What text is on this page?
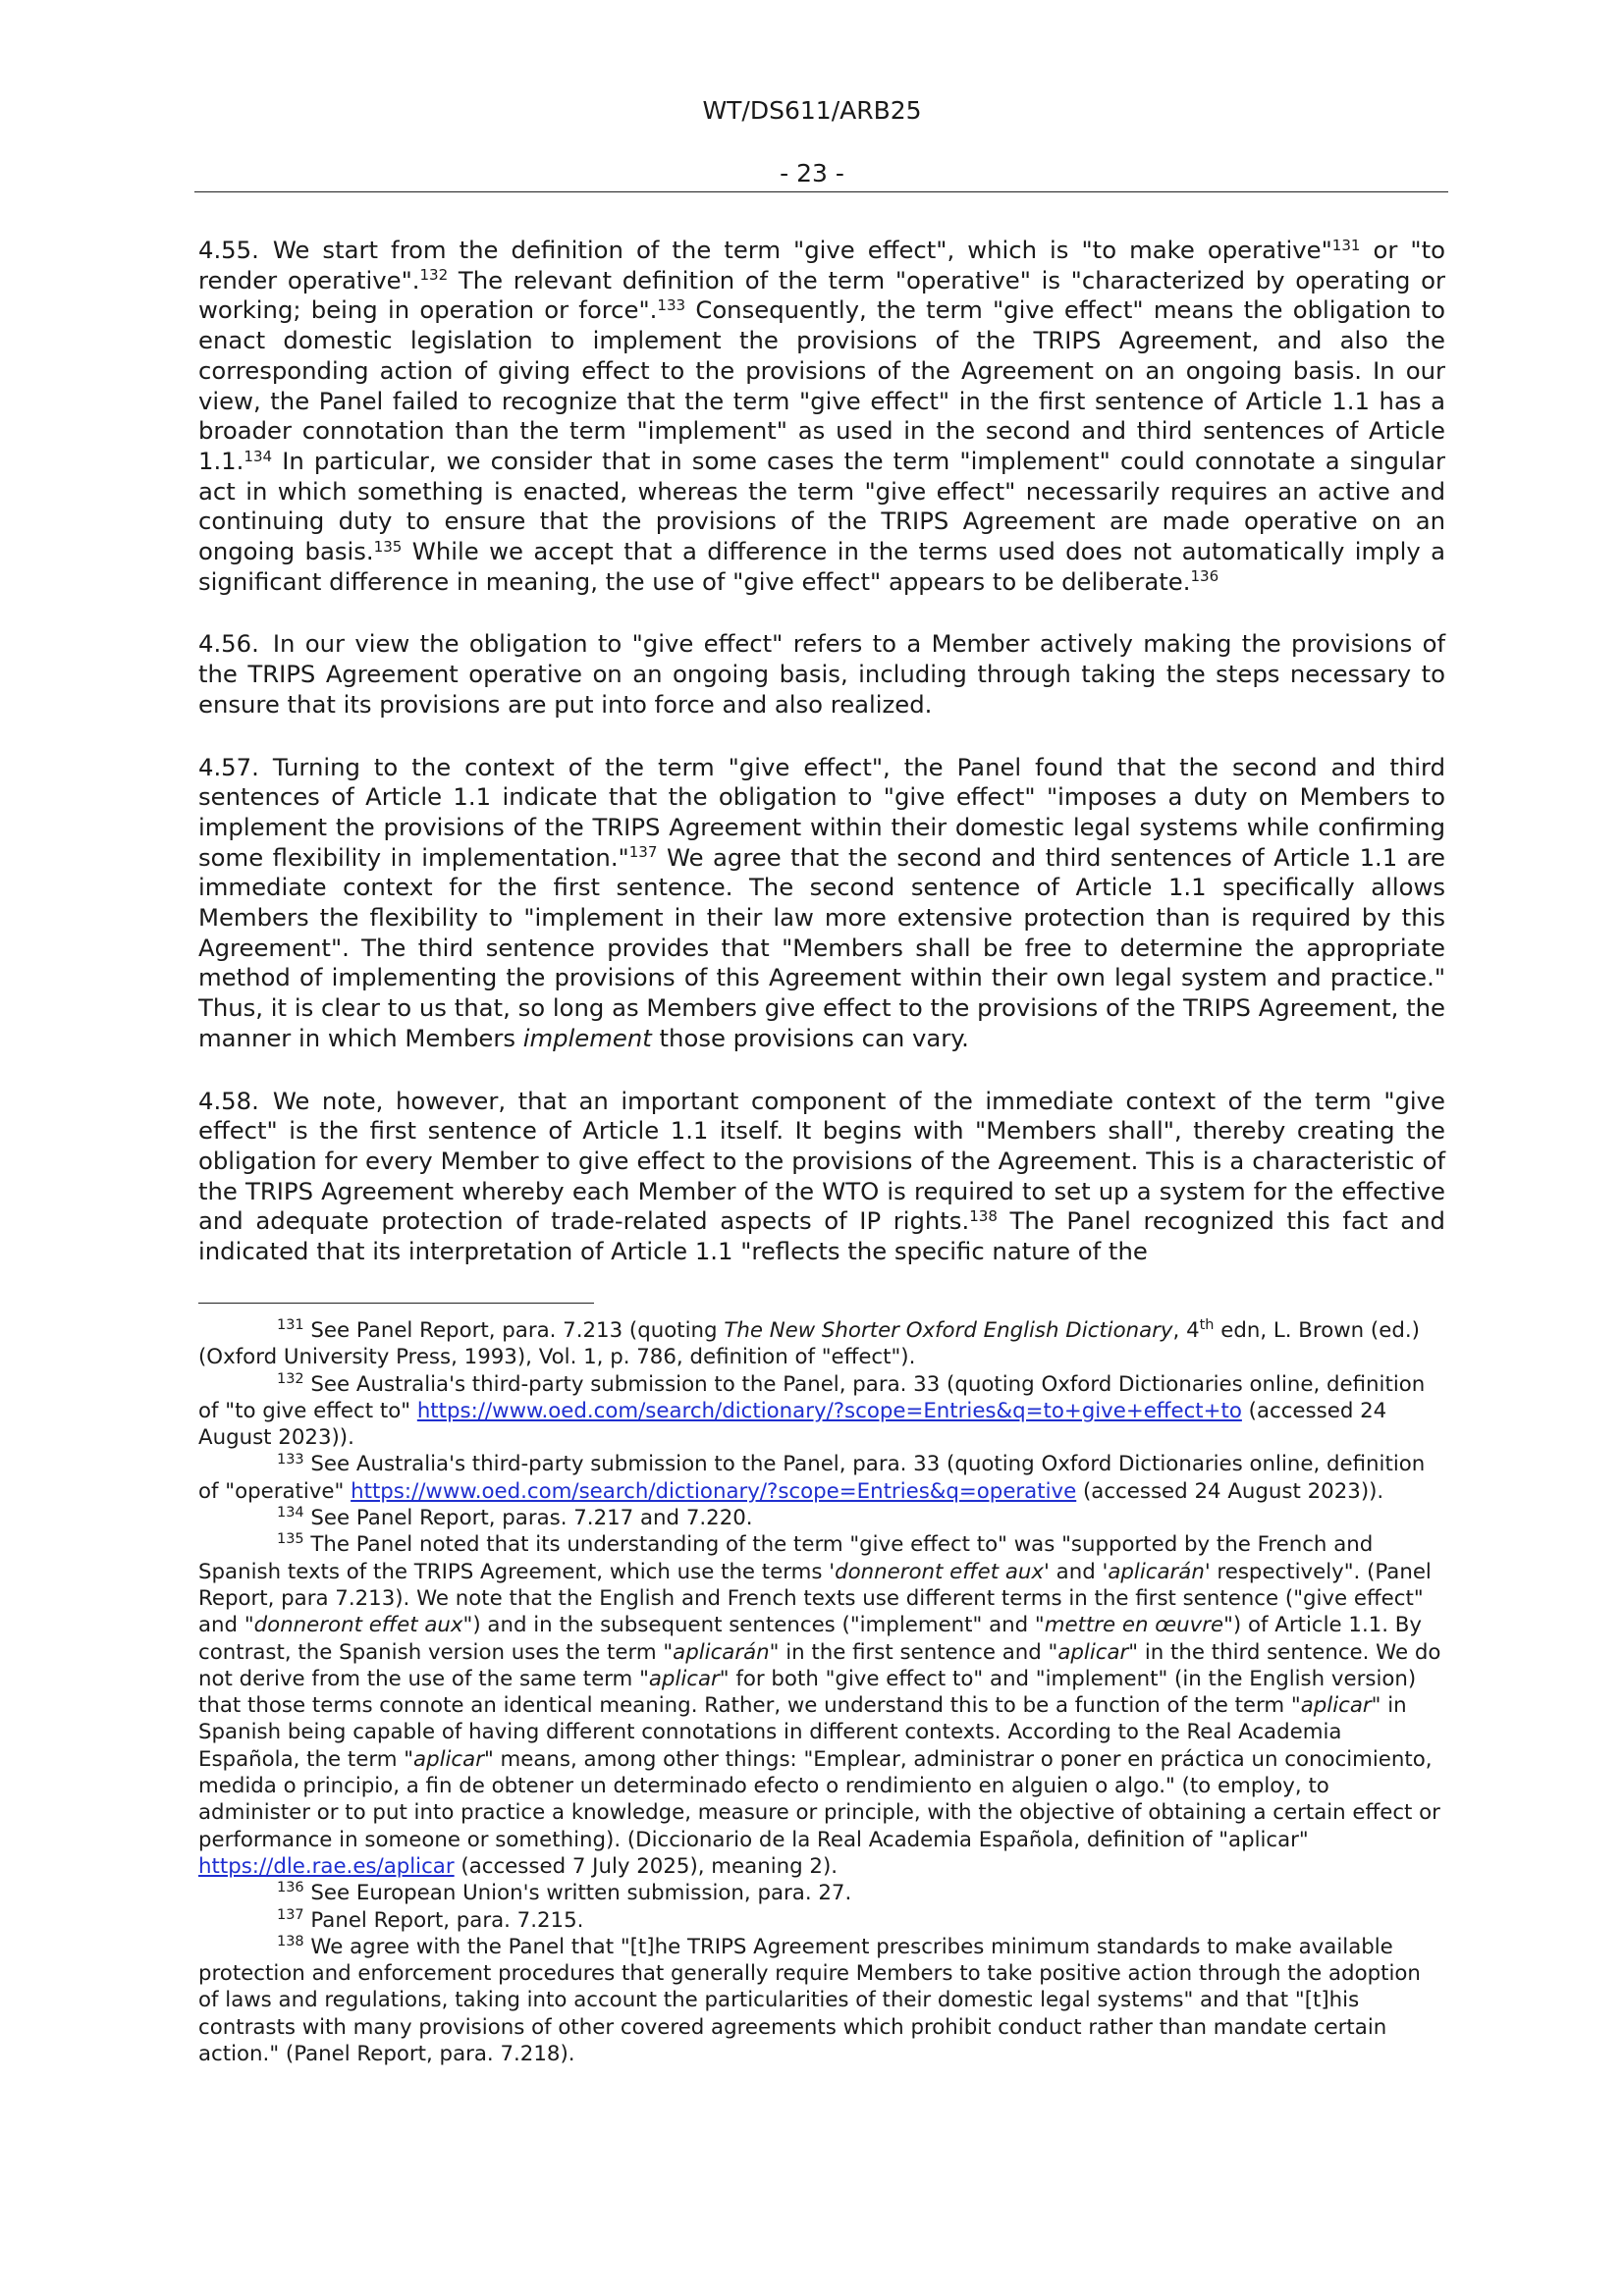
WT/DS611/ARB25
- 23 -

4.55. We start from the definition of the term "give effect", which is "to make operative"$^{131}$ or "to render operative".$^{132}$ The relevant definition of the term "operative" is "characterized by operating or working; being in operation or force".$^{133}$ Consequently, the term "give effect" means the obligation to enact domestic legislation to implement the provisions of the TRIPS Agreement, and also the corresponding action of giving effect to the provisions of the Agreement on an ongoing basis. In our view, the Panel failed to recognize that the term "give effect" in the first sentence of Article 1.1 has a broader connotation than the term "implement" as used in the second and third sentences of Article 1.1.$^{134}$ In particular, we consider that in some cases the term "implement" could connotate a singular act in which something is enacted, whereas the term "give effect" necessarily requires an active and continuing duty to ensure that the provisions of the TRIPS Agreement are made operative on an ongoing basis.$^{135}$ While we accept that a difference in the terms used does not automatically imply a significant difference in meaning, the use of "give effect" appears to be deliberate.$^{136}$

4.56. In our view the obligation to "give effect" refers to a Member actively making the provisions of the TRIPS Agreement operative on an ongoing basis, including through taking the steps necessary to ensure that its provisions are put into force and also realized.

4.57. Turning to the context of the term "give effect", the Panel found that the second and third sentences of Article 1.1 indicate that the obligation to "give effect" "imposes a duty on Members to implement the provisions of the TRIPS Agreement within their domestic legal systems while confirming some flexibility in implementation."$^{137}$ We agree that the second and third sentences of Article 1.1 are immediate context for the first sentence. The second sentence of Article 1.1 specifically allows Members the flexibility to "implement in their law more extensive protection than is required by this Agreement". The third sentence provides that "Members shall be free to determine the appropriate method of implementing the provisions of this Agreement within their own legal system and practice." Thus, it is clear to us that, so long as Members give effect to the provisions of the TRIPS Agreement, the manner in which Members implement those provisions can vary.

4.58. We note, however, that an important component of the immediate context of the term "give effect" is the first sentence of Article 1.1 itself. It begins with "Members shall", thereby creating the obligation for every Member to give effect to the provisions of the Agreement. This is a characteristic of the TRIPS Agreement whereby each Member of the WTO is required to set up a system for the effective and adequate protection of trade-related aspects of IP rights.$^{138}$ The Panel recognized this fact and indicated that its interpretation of Article 1.1 "reflects the specific nature of the

$^{131}$ See Panel Report, para. 7.213 (quoting The New Shorter Oxford English Dictionary, 4th edn, L. Brown (ed.) (Oxford University Press, 1993), Vol. 1, p. 786, definition of "effect").

$^{132}$ See Australia's third-party submission to the Panel, para. 33 (quoting Oxford Dictionaries online, definition of "to give effect to" https://www.oed.com/search/dictionary/?scope=Entries&q=to+give+effect+to (accessed 24 August 2023)).

$^{133}$ See Australia's third-party submission to the Panel, para. 33 (quoting Oxford Dictionaries online, definition of "operative" https://www.oed.com/search/dictionary/?scope=Entries&q=operative (accessed 24 August 2023)).

$^{134}$ See Panel Report, paras. 7.217 and 7.220.

$^{135}$ The Panel noted that its understanding of the term "give effect to" was "supported by the French and Spanish texts of the TRIPS Agreement, which use the terms 'donneront effet aux' and 'aplicarán' respectively". (Panel Report, para 7.213). We note that the English and French texts use different terms in the first sentence ("give effect" and "donneront effet aux") and in the subsequent sentences ("implement" and "mettre en œuvre") of Article 1.1. By contrast, the Spanish version uses the term "aplicarán" in the first sentence and "aplicar" in the third sentence. We do not derive from the use of the same term "aplicar" for both "give effect to" and "implement" (in the English version) that those terms connote an identical meaning. Rather, we understand this to be a function of the term "aplicar" in Spanish being capable of having different connotations in different contexts. According to the Real Academia Española, the term "aplicar" means, among other things: "Emplear, administrar o poner en práctica un conocimiento, medida o principio, a fin de obtener un determinado efecto o rendimiento en alguien o algo." (to employ, to administer or to put into practice a knowledge, measure or principle, with the objective of obtaining a certain effect or performance in someone or something). (Diccionario de la Real Academia Española, definition of "aplicar" https://dle.rae.es/aplicar (accessed 7 July 2025), meaning 2).

$^{136}$ See European Union's written submission, para. 27.

$^{137}$ Panel Report, para. 7.215.

$^{138}$ We agree with the Panel that "[t]he TRIPS Agreement prescribes minimum standards to make available protection and enforcement procedures that generally require Members to take positive action through the adoption of laws and regulations, taking into account the particularities of their domestic legal systems" and that "[t]his contrasts with many provisions of other covered agreements which prohibit conduct rather than mandate certain action." (Panel Report, para. 7.218).
